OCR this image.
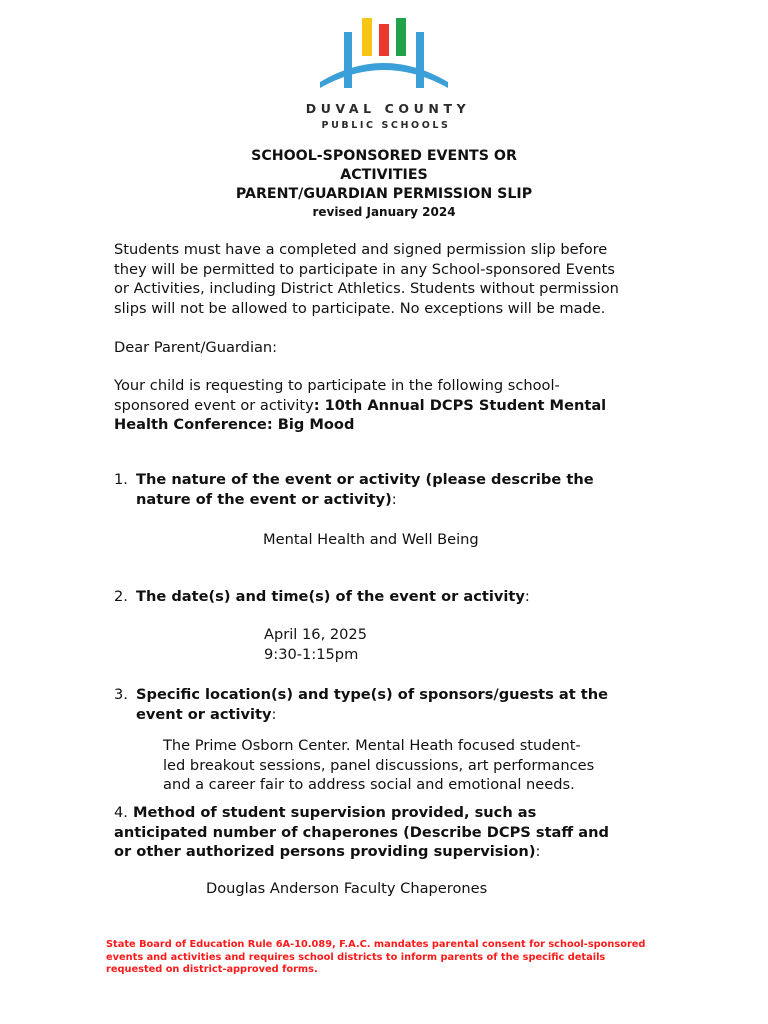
DUVAL COUNTY
PUBLIC SCHOOLS
SCHOOL-SPONSORED EVENTS OR
ACTIVITIES
PARENT/GUARDIAN PERMISSION SLIP
revised January 2024
Students must have a completed and signed permission slip before
they will be permitted to participate in any School-sponsored Events
or Activities, including District Athletics. Students without permission
slips will not be allowed to participate. No exceptions will be made.
Dear Parent/Guardian:
Your child is requesting to participate in the following school-
sponsored event or activity: 10th Annual DCPS Student Mental
Health Conference: Big Mood
1. The nature of the event or activity (please describe the
nature of the event or activity):
Mental Health and Well Being
2. The date(s) and time(s) of the event or activity:
April 16, 2025
9:30-1:15pm
3. Specific location(s) and type(s) of sponsors/guests at the
event or activity:
The Prime Osborn Center. Mental Heath focused student-
led breakout sessions, panel discussions, art performances
and a career fair to address social and emotional needs.
4. Method of student supervision provided, such as
anticipated number of chaperones (Describe DCPS staff and
or other authorized persons providing supervision):
Douglas Anderson Faculty Chaperones
State Board of Education Rule 6A-10.089, F.A.C. mandates parental consent for school-sponsored
events and activities and requires school districts to inform parents of the specific details
requested on district-approved forms.
